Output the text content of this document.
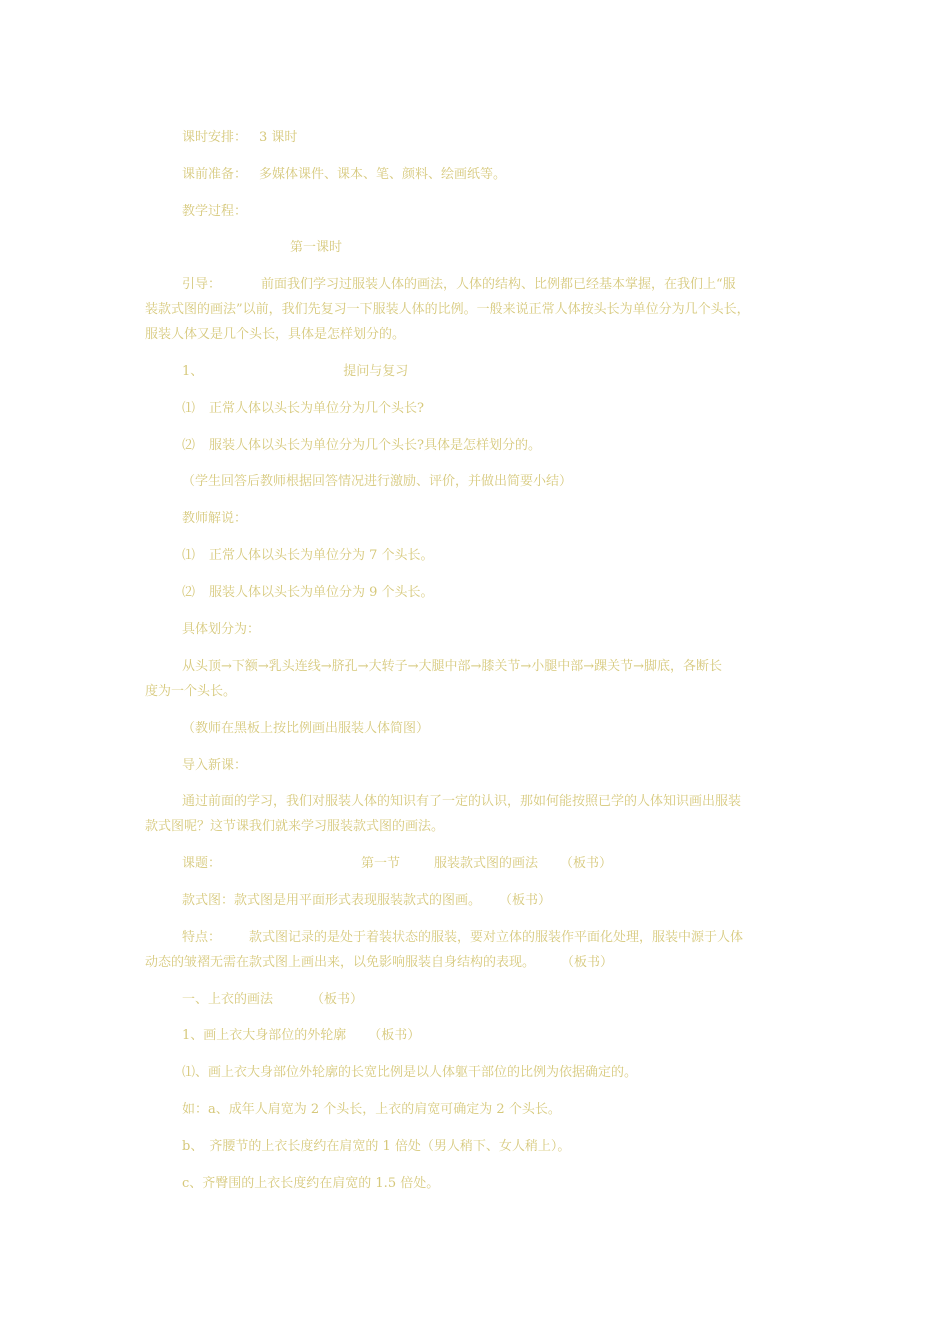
课时安排： 3 课时
课前准备： 多媒体课件、课本、笔、颜料、绘画纸等。
教学过程：
第一课时
引导：	前面我们学习过服装人体的画法，人体的结构、比例都已经基本掌握，在我们上“服
装款式图的画法”以前，我们先复习一下服装人体的比例。一般来说正常人体按头长为单位分为几个头长，
服装人体又是几个头长，具体是怎样划分的。
1、	提问与复习
⑴ 正常人体以头长为单位分为几个头长?
⑵ 服装人体以头长为单位分为几个头长?具体是怎样划分的。
（学生回答后教师根据回答情况进行激励、评价，并做出简要小结）
教师解说：
⑴ 正常人体以头长为单位分为 7 个头长。
⑵ 服装人体以头长为单位分为 9 个头长。
具体划分为：
从头顶→下额→乳头连线→脐孔→大转子→大腿中部→膝关节→小腿中部→踝关节→脚底，各断长
度为一个头长。
（教师在黑板上按比例画出服装人体简图）
导入新课：
通过前面的学习，我们对服装人体的知识有了一定的认识，那如何能按照已学的人体知识画出服装
款式图呢？这节课我们就来学习服装款式图的画法。
课题：	第一节	服装款式图的画法 （板书）
款式图：款式图是用平面形式表现服装款式的图画。 （板书）
特点： 款式图记录的是处于着装状态的服装，要对立体的服装作平面化处理，服装中源于人体
动态的皱褶无需在款式图上画出来，以免影响服装自身结构的表现。 （板书）
一、上衣的画法	（板书）
1、画上衣大身部位的外轮廓 （板书）
⑴、画上衣大身部位外轮廓的长宽比例是以人体躯干部位的比例为依据确定的。
如：a、成年人肩宽为 2 个头长，上衣的肩宽可确定为 2 个头长。
b、 齐腰节的上衣长度约在肩宽的 1 倍处（男人稍下、女人稍上）。
c、齐臀围的上衣长度约在肩宽的 1.5 倍处。
